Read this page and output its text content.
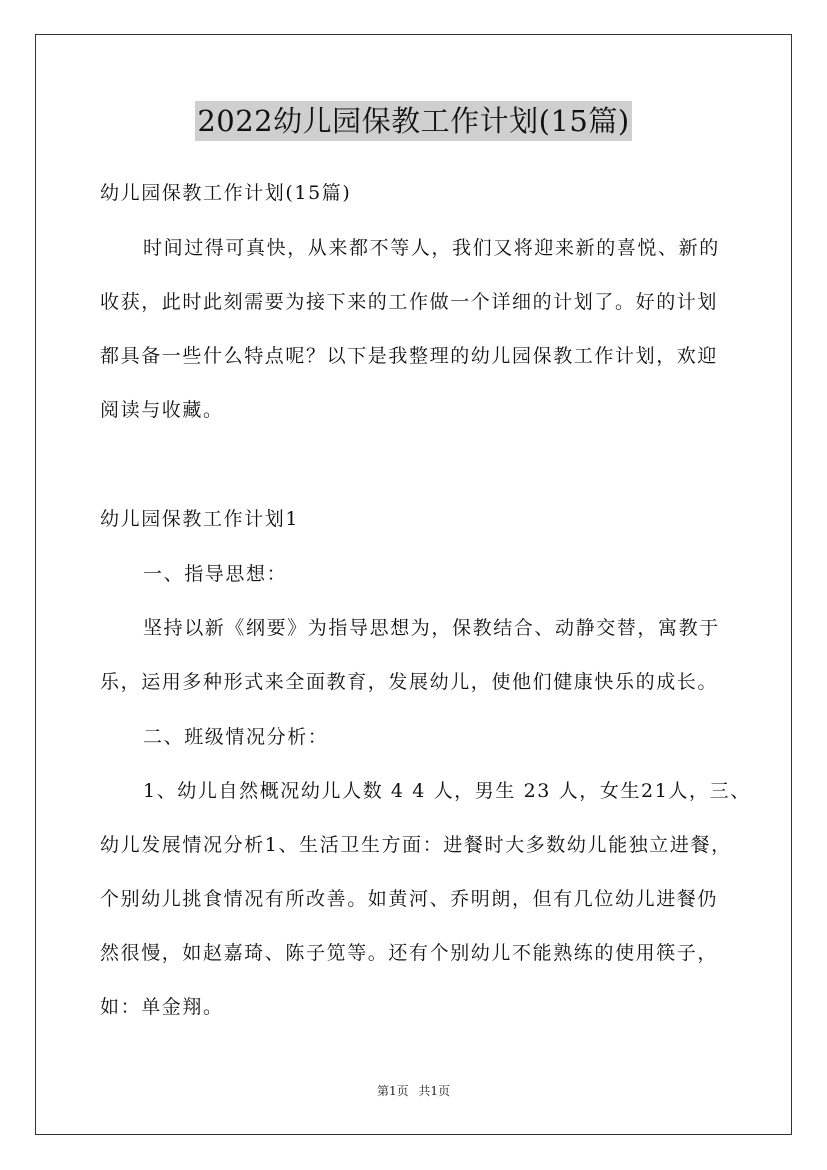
2022幼儿园保教工作计划(15篇)
幼儿园保教工作计划(15篇)
时间过得可真快，从来都不等人，我们又将迎来新的喜悦、新的
收获，此时此刻需要为接下来的工作做一个详细的计划了。好的计划
都具备一些什么特点呢？以下是我整理的幼儿园保教工作计划，欢迎
阅读与收藏。
幼儿园保教工作计划1
一、指导思想：
坚持以新《纲要》为指导思想为，保教结合、动静交替，寓教于
乐，运用多种形式来全面教育，发展幼儿，使他们健康快乐的成长。
二、班级情况分析：
1、幼儿自然概况幼儿人数 4 4 人，男生 23 人，女生21人，三、
幼儿发展情况分析1、生活卫生方面：进餐时大多数幼儿能独立进餐，
个别幼儿挑食情况有所改善。如黄河、乔明朗，但有几位幼儿进餐仍
然很慢，如赵嘉琦、陈子笕等。还有个别幼儿不能熟练的使用筷子，
如：单金翔。
第1页 共1页
